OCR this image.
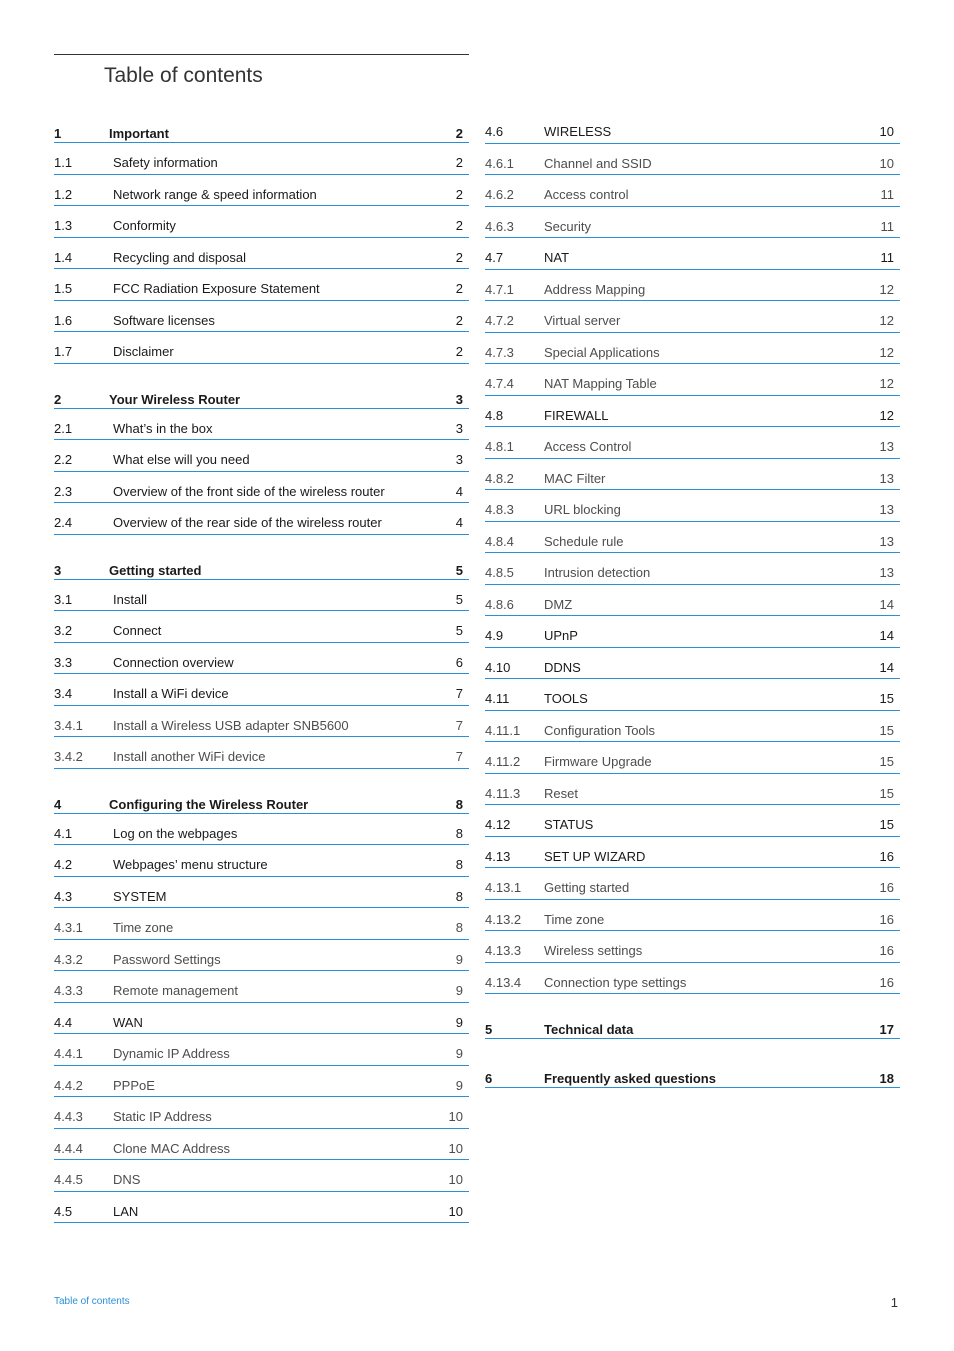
Table of contents
1	Important	2
1.1	Safety information	2
1.2	Network range & speed information	2
1.3	Conformity	2
1.4	Recycling and disposal	2
1.5	FCC Radiation Exposure Statement	2
1.6	Software licenses	2
1.7	Disclaimer	2
2	Your Wireless Router	3
2.1	What’s in the box	3
2.2	What else will you need	3
2.3	Overview of the front side of the wireless router	4
2.4	Overview of the rear side of the wireless router	4
3	Getting started	5
3.1	Install	5
3.2	Connect	5
3.3	Connection overview	6
3.4	Install a WiFi device	7
3.4.1 Install a Wireless USB adapter SNB5600	7
3.4.2 Install another WiFi device	7
4	Configuring the Wireless Router	8
4.1	Log on the webpages	8
4.2	Webpages’ menu structure	8
4.3	SYSTEM	8
4.3.1 Time zone	8
4.3.2 Password Settings	9
4.3.3 Remote management	9
4.4	WAN	9
4.4.1 Dynamic IP Address	9
4.4.2 PPPoE	9
4.4.3 Static IP Address	10
4.4.4 Clone MAC Address	10
4.4.5 DNS	10
4.5	LAN	10
4.6	WIRELESS	10
4.6.1 Channel and SSID	10
4.6.2 Access control	11
4.6.3 Security	11
4.7	NAT	11
4.7.1 Address Mapping	12
4.7.2 Virtual server	12
4.7.3 Special Applications	12
4.7.4 NAT Mapping Table	12
4.8	FIREWALL	12
4.8.1 Access Control	13
4.8.2 MAC Filter	13
4.8.3 URL blocking	13
4.8.4 Schedule rule	13
4.8.5 Intrusion detection	13
4.8.6 DMZ	14
4.9	UPnP	14
4.10	DDNS	14
4.11	TOOLS	15
4.11.1 Configuration Tools	15
4.11.2 Firmware Upgrade	15
4.11.3 Reset	15
4.12	STATUS	15
4.13	SET UP WIZARD	16
4.13.1 Getting started	16
4.13.2 Time zone	16
4.13.3 Wireless settings	16
4.13.4 Connection type settings	16
5	Technical data	17
6	Frequently asked questions	18
Table of contents	1
